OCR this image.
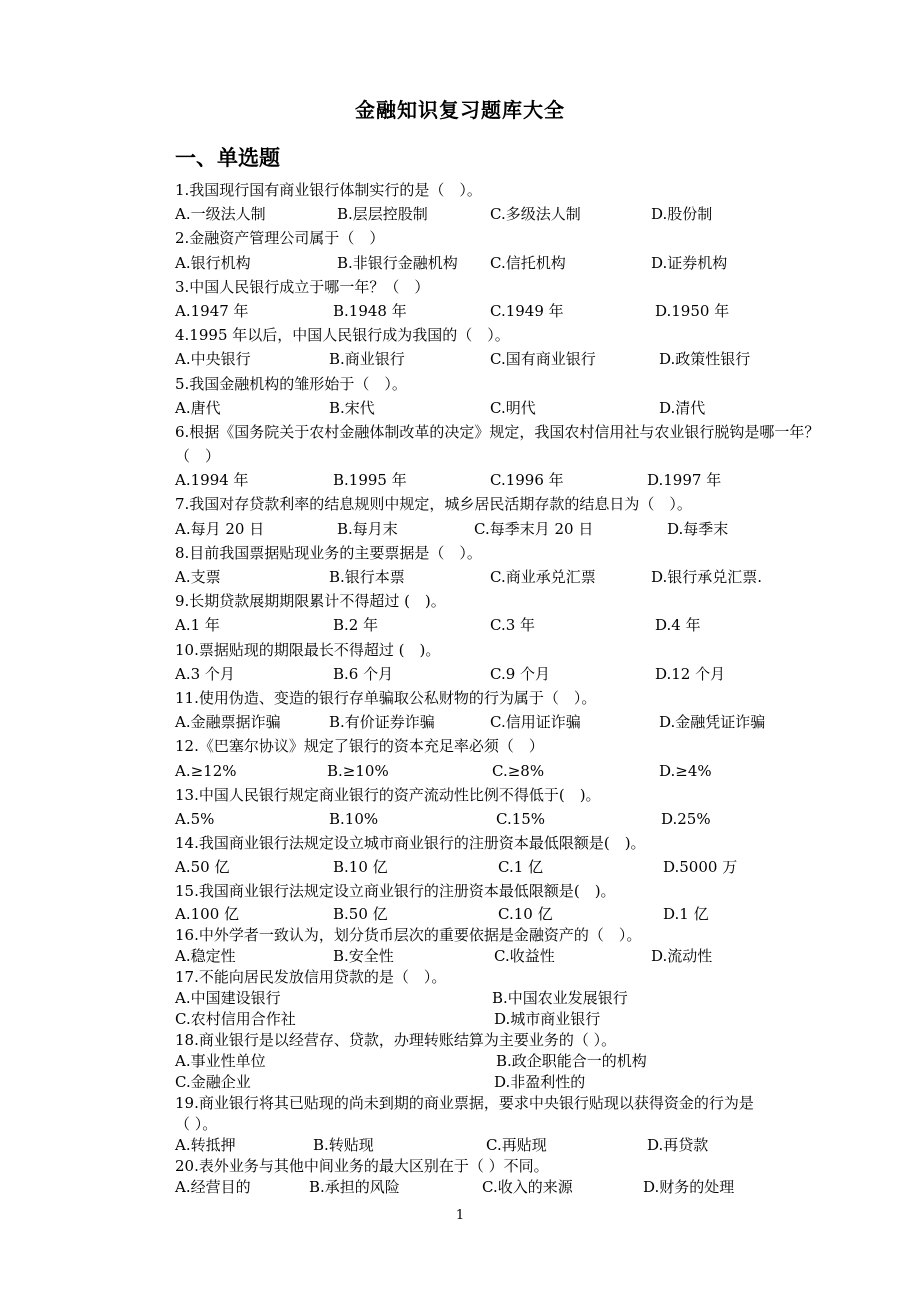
金融知识复习题库大全
一、单选题
1.我国现行国有商业银行体制实行的是（　）。
A.一级法人制	B.层层控股制	C.多级法人制	D.股份制
2.金融资产管理公司属于（　）
A.银行机构	B.非银行金融机构 C.信托机构	D.证券机构
3.中国人民银行成立于哪一年？（　）
A.1947 年	B.1948 年	C.1949 年	D.1950 年
4.1995 年以后，中国人民银行成为我国的（　）。
A.中央银行	B.商业银行	C.国有商业银行	D.政策性银行
5.我国金融机构的雏形始于（　）。
A.唐代	B.宋代	C.明代	D.清代
6.根据《国务院关于农村金融体制改革的决定》规定，我国农村信用社与农业银行脱钩是哪一年？（　）
A.1994 年	B.1995 年	C.1996 年	D.1997 年
7.我国对存贷款利率的结息规则中规定，城乡居民活期存款的结息日为（　）。
A.每月 20 日	B.每月末	C.每季末月 20 日	D.每季末
8.目前我国票据贴现业务的主要票据是（　）。
A.支票	B.银行本票	C.商业承兑汇票	D.银行承兑汇票.
9.长期贷款展期期限累计不得超过 (　)。
A.1 年	B.2 年	C.3 年	D.4 年
10.票据贴现的期限最长不得超过 (　)。
A.3 个月	B.6 个月	C.9 个月	D.12 个月
11.使用伪造、变造的银行存单骗取公私财物的行为属于（　）。
A.金融票据诈骗	B.有价证券诈骗	C.信用证诈骗	D.金融凭证诈骗
12.《巴塞尔协议》规定了银行的资本充足率必须（　）
A.≥12%	B.≥10%	C.≥8%	D.≥4%
13.中国人民银行规定商业银行的资产流动性比例不得低于(　)。
A.5%	B.10%	C.15%	D.25%
14.我国商业银行法规定设立城市商业银行的注册资本最低限额是(　)。
A.50 亿	B.10 亿	C.1 亿	D.5000 万
15.我国商业银行法规定设立商业银行的注册资本最低限额是(　)。
A.100 亿	B.50 亿	C.10 亿	D.1 亿
16.中外学者一致认为，划分货币层次的重要依据是金融资产的（　）。
A.稳定性	B.安全性	C.收益性	D.流动性
17.不能向居民发放信用贷款的是（　）。
A.中国建设银行	B.中国农业发展银行
C.农村信用合作社	D.城市商业银行
18.商业银行是以经营存、贷款，办理转账结算为主要业务的（ ）。
A.事业性单位	B.政企职能合一的机构
C.金融企业	D.非盈利性的
19.商业银行将其已贴现的尚未到期的商业票据，要求中央银行贴现以获得资金的行为是（ ）。
A.转抵押	B.转贴现	C.再贴现	D.再贷款
20.表外业务与其他中间业务的最大区别在于（ ）不同。
A.经营目的	B.承担的风险	C.收入的来源	D.财务的处理
1
